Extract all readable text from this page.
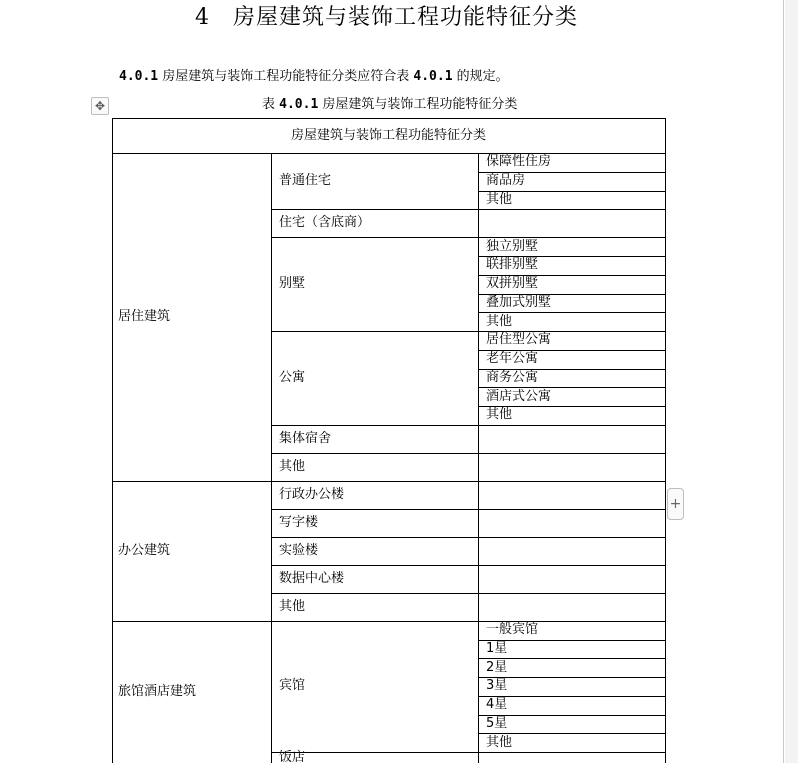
4　房屋建筑与装饰工程功能特征分类
4.0.1 房屋建筑与装饰工程功能特征分类应符合表 4.0.1 的规定。
✥	表 4.0.1 房屋建筑与装饰工程功能特征分类
+
房屋建筑与装饰工程功能特征分类
保障性住房
商品房
其他
普通住宅
住宅（含底商）
独立别墅
联排别墅
双拼别墅
叠加式别墅
其他
别墅
居住型公寓
老年公寓
商务公寓
酒店式公寓
其他
公寓
集体宿舍
其他
居住建筑
行政办公楼
写字楼
实验楼
数据中心楼
其他
办公建筑
一般宾馆
1星
2星
3星
4星
5星
其他
宾馆
饭店
旅馆酒店建筑
